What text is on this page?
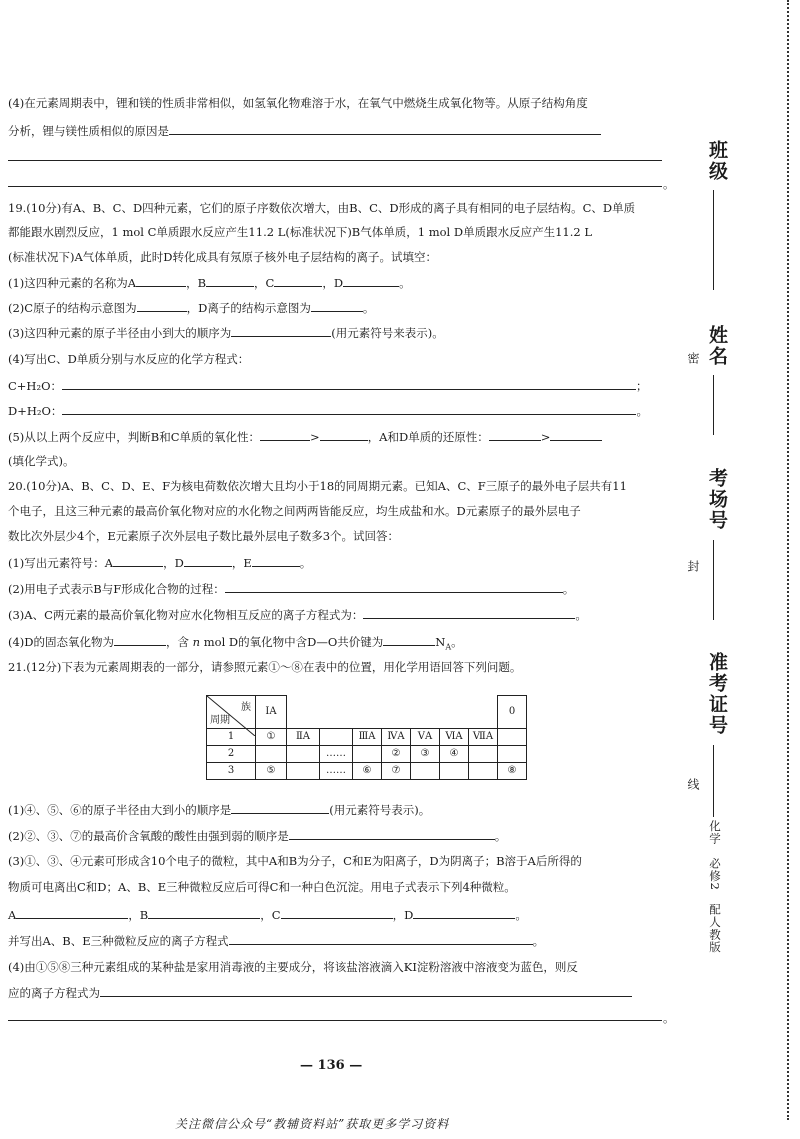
(4)在元素周期表中，锂和镁的性质非常相似，如氢氧化物难溶于水，在氧气中燃烧生成氧化物等。从原子结构角度
分析，锂与镁性质相似的原因是
。
19.(10分)有A、B、C、D四种元素，它们的原子序数依次增大，由B、C、D形成的离子具有相同的电子层结构。C、D单质
都能跟水剧烈反应，1 mol C单质跟水反应产生11.2 L(标准状况下)B气体单质，1 mol D单质跟水反应产生11.2 L
(标准状况下)A气体单质，此时D转化成具有氖原子核外电子层结构的离子。试填空：
(1)这四种元素的名称为A	，B	，C	，D	。
(2)C原子的结构示意图为	，D离子的结构示意图为	。
(3)这四种元素的原子半径由小到大的顺序为	(用元素符号来表示)。
(4)写出C、D单质分别与水反应的化学方程式：
C+H₂O：	；
D+H₂O：	。
(5)从以上两个反应中，判断B和C单质的氧化性：	>	，A和D单质的还原性：	>
(填化学式)。
20.(10分)A、B、C、D、E、F为核电荷数依次增大且均小于18的同周期元素。已知A、C、F三原子的最外电子层共有11
个电子，且这三种元素的最高价氧化物对应的水化物之间两两皆能反应，均生成盐和水。D元素原子的最外层电子
数比次外层少4个，E元素原子次外层电子数比最外层电子数多3个。试回答：
(1)写出元素符号：A	，D	，E	。
(2)用电子式表示B与F形成化合物的过程：	。
(3)A、C两元素的最高价氧化物对应水化物相互反应的离子方程式为：	。
(4)D的固态氧化物为	，含 n mol D的氧化物中含D—O共价键为	$N_A$。
21.(12分)下表为元素周期表的一部分，请参照元素①～⑧在表中的位置，用化学用语回答下列问题。
族
周期	ⅠA								0

1	①	ⅡA		ⅢA	ⅣA	ⅤA	ⅥA	ⅦA	
2			……		②	③	④		
3	⑤		……	⑥	⑦				⑧
(1)④、⑤、⑥的原子半径由大到小的顺序是	(用元素符号表示)。
(2)②、③、⑦的最高价含氧酸的酸性由强到弱的顺序是	。
(3)①、③、④元素可形成含10个电子的微粒，其中A和B为分子，C和E为阳离子，D为阴离子；B溶于A后所得的
物质可电离出C和D；A、B、E三种微粒反应后可得C和一种白色沉淀。用电子式表示下列4种微粒。
A	，B	，C	，D	。
并写出A、B、E三种微粒反应的离子方程式	。
(4)由①⑤⑧三种元素组成的某种盐是家用消毒液的主要成分，将该盐溶液滴入KI淀粉溶液中溶液变为蓝色，则反
应的离子方程式为
。
— 136 —
关注微信公众号“教辅资料站”获取更多学习资料
班级
姓名
考场号
准考证号
密
封
线
化学　必修2　配人教版
